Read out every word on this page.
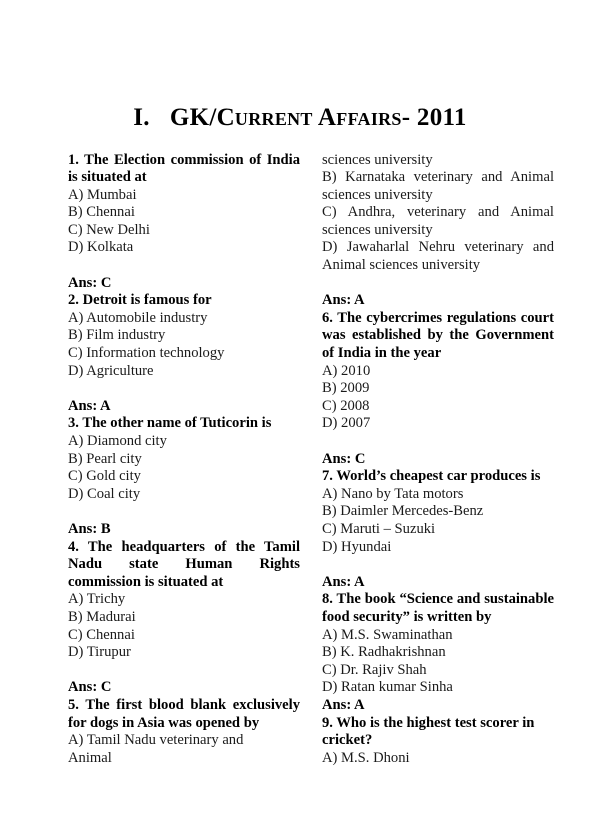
I. GK/Current Affairs- 2011

1. The Election commission of India is situated at

A) Mumbai

B) Chennai

C) New Delhi

D) Kolkata

Ans: C

2. Detroit is famous for

A) Automobile industry

B) Film industry

C) Information technology

D) Agriculture

Ans: A

3. The other name of Tuticorin is

A) Diamond city

B) Pearl city

C) Gold city

D) Coal city

Ans: B

4. The headquarters of the Tamil Nadu state Human Rights commission is situated at

A) Trichy

B) Madurai

C) Chennai

D) Tirupur

Ans: C

5. The first blood blank exclusively for dogs in Asia was opened by

A) Tamil Nadu veterinary and

Animal

sciences university

B) Karnataka veterinary and Animal sciences university

C) Andhra, veterinary and Animal sciences university

D) Jawaharlal Nehru veterinary and Animal sciences university

Ans: A

6. The cybercrimes regulations court was established by the Government of India in the year

A) 2010

B) 2009

C) 2008

D) 2007

Ans: C

7. World’s cheapest car produces is

A) Nano by Tata motors

B) Daimler Mercedes-Benz

C) Maruti – Suzuki

D) Hyundai

Ans: A

8. The book “Science and sustainable food security” is written by

A) M.S. Swaminathan

B) K. Radhakrishnan

C) Dr. Rajiv Shah

D) Ratan kumar Sinha

Ans: A

9. Who is the highest test scorer in cricket?

A) M.S. Dhoni
